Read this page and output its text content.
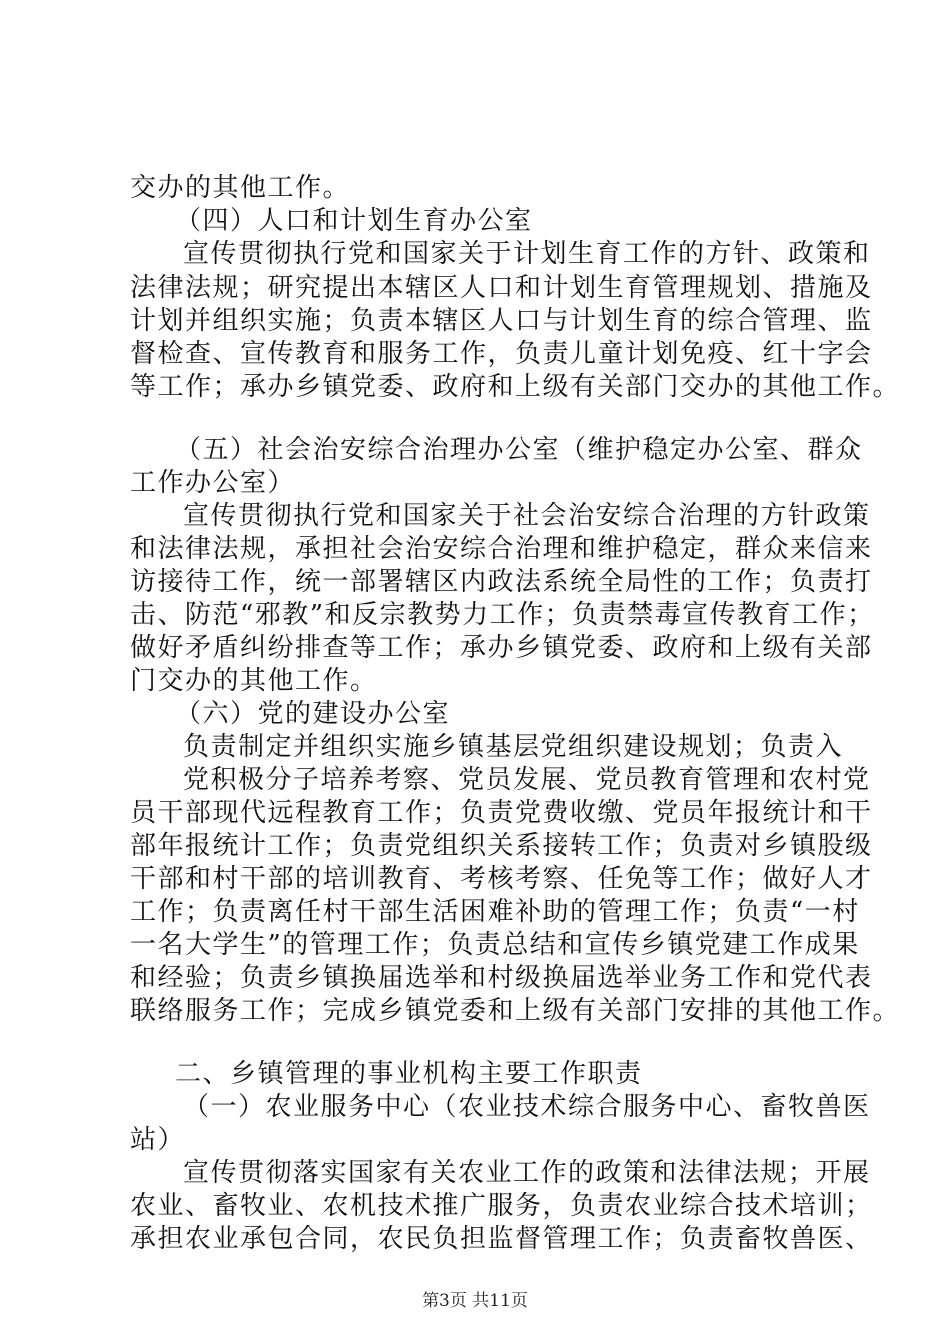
交办的其他工作。
（四）人口和计划生育办公室
宣传贯彻执行党和国家关于计划生育工作的方针、政策和
法律法规；研究提出本辖区人口和计划生育管理规划、措施及
计划并组织实施；负责本辖区人口与计划生育的综合管理、监
督检查、宣传教育和服务工作，负责儿童计划免疫、红十字会
等工作；承办乡镇党委、政府和上级有关部门交办的其他工作。
（五）社会治安综合治理办公室（维护稳定办公室、群众
工作办公室）
宣传贯彻执行党和国家关于社会治安综合治理的方针政策
和法律法规，承担社会治安综合治理和维护稳定，群众来信来
访接待工作，统一部署辖区内政法系统全局性的工作；负责打
击、防范“邪教”和反宗教势力工作；负责禁毒宣传教育工作；
做好矛盾纠纷排查等工作；承办乡镇党委、政府和上级有关部
门交办的其他工作。
（六）党的建设办公室
负责制定并组织实施乡镇基层党组织建设规划；负责入
党积极分子培养考察、党员发展、党员教育管理和农村党
员干部现代远程教育工作；负责党费收缴、党员年报统计和干
部年报统计工作；负责党组织关系接转工作；负责对乡镇股级
干部和村干部的培训教育、考核考察、任免等工作；做好人才
工作；负责离任村干部生活困难补助的管理工作；负责“一村
一名大学生”的管理工作；负责总结和宣传乡镇党建工作成果
和经验；负责乡镇换届选举和村级换届选举业务工作和党代表
联络服务工作；完成乡镇党委和上级有关部门安排的其他工作。
二、乡镇管理的事业机构主要工作职责
（一）农业服务中心（农业技术综合服务中心、畜牧兽医
站）
宣传贯彻落实国家有关农业工作的政策和法律法规；开展
农业、畜牧业、农机技术推广服务，负责农业综合技术培训；
承担农业承包合同，农民负担监督管理工作；负责畜牧兽医、
第3页 共11页
